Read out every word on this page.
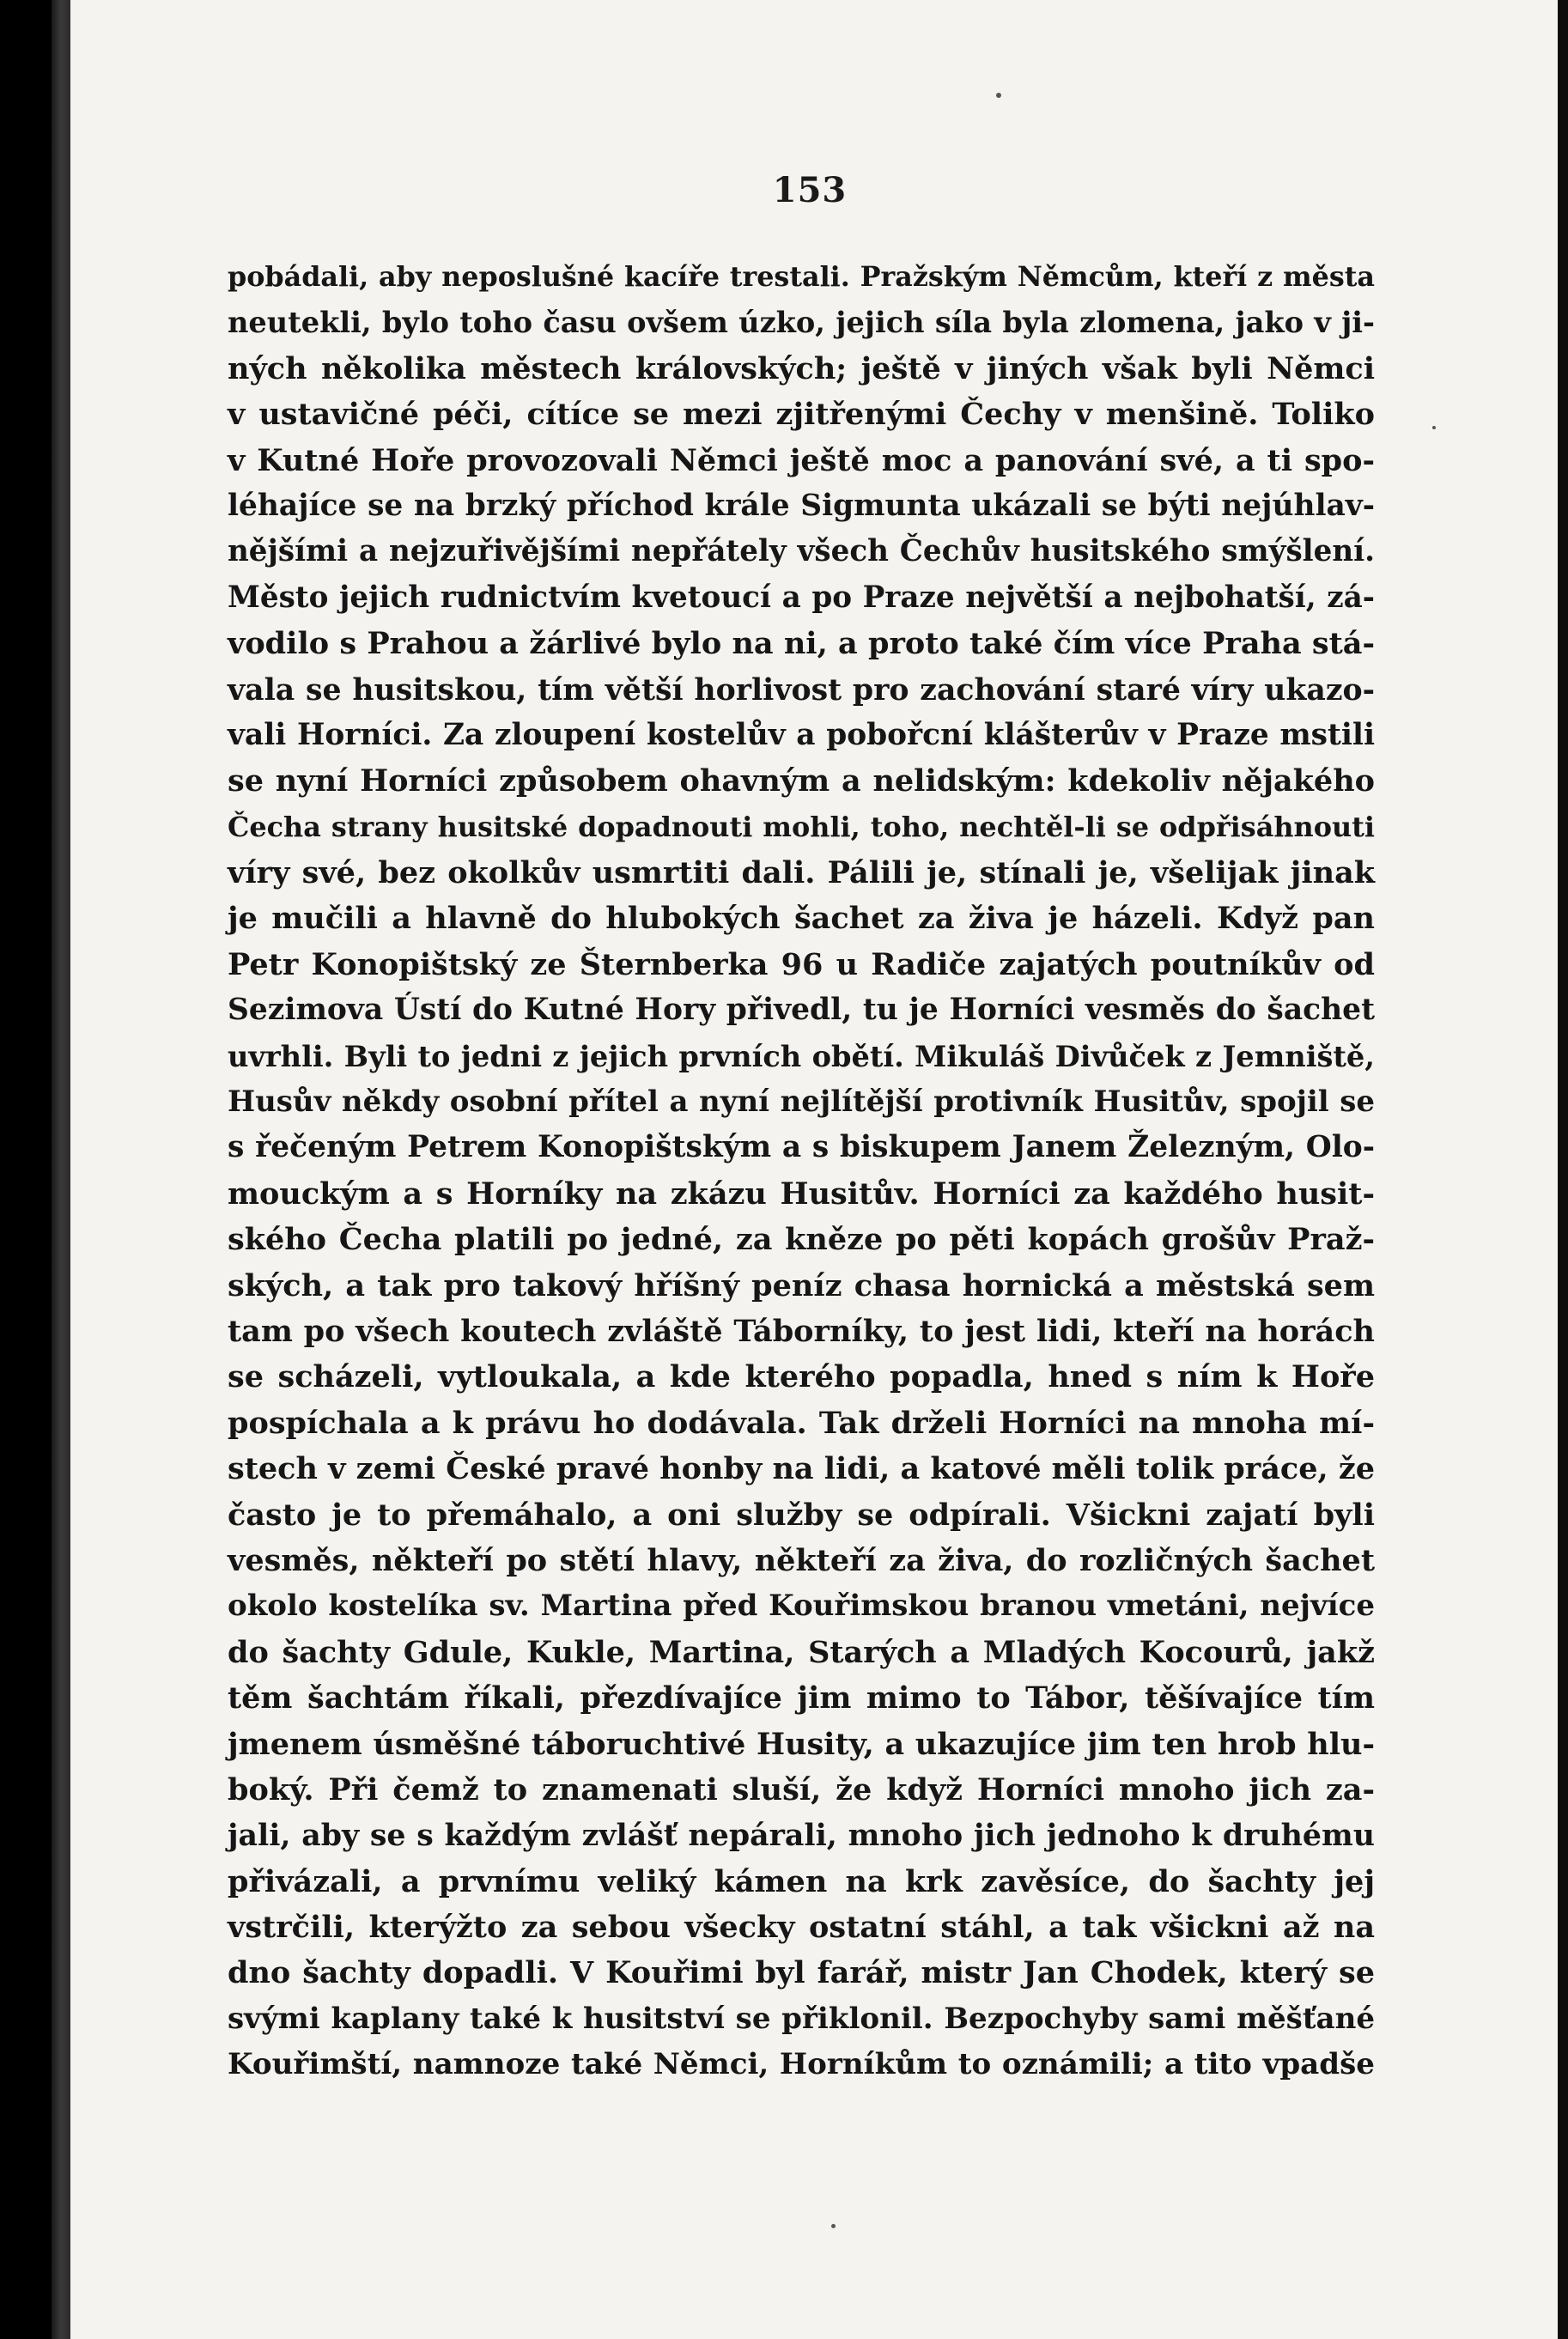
153
pobádali, aby neposlušné kacíře trestali. Pražským Němcům, kteří z města
neutekli, bylo toho času ovšem úzko, jejich síla byla zlomena, jako v ji-
ných několika městech královských; ještě v jiných však byli Němci
v ustavičné péči, cítíce se mezi zjitřenými Čechy v menšině. Toliko
v Kutné Hoře provozovali Němci ještě moc a panování své, a ti spo-
léhajíce se na brzký příchod krále Sigmunta ukázali se býti nejúhlav-
nějšími a nejzuřivějšími nepřátely všech Čechův husitského smýšlení.
Město jejich rudnictvím kvetoucí a po Praze největší a nejbohatší, zá-
vodilo s Prahou a žárlivé bylo na ni, a proto také čím více Praha stá-
vala se husitskou, tím větší horlivost pro zachování staré víry ukazo-
vali Horníci. Za zloupení kostelův a pobořcní klášterův v Praze mstili
se nyní Horníci způsobem ohavným a nelidským: kdekoliv nějakého
Čecha strany husitské dopadnouti mohli, toho, nechtěl-li se odpřisáhnouti
víry své, bez okolkův usmrtiti dali. Pálili je, stínali je, všelijak jinak
je mučili a hlavně do hlubokých šachet za živa je házeli. Když pan
Petr Konopištský ze Šternberka 96 u Radiče zajatých poutníkův od
Sezimova Ústí do Kutné Hory přivedl, tu je Horníci vesměs do šachet
uvrhli. Byli to jedni z jejich prvních obětí. Mikuláš Divůček z Jemniště,
Husův někdy osobní přítel a nyní nejlítější protivník Husitův, spojil se
s řečeným Petrem Konopištským a s biskupem Janem Železným, Olo-
mouckým a s Horníky na zkázu Husitův. Horníci za každého husit-
ského Čecha platili po jedné, za kněze po pěti kopách grošův Praž-
ských, a tak pro takový hříšný peníz chasa hornická a městská sem
tam po všech koutech zvláště Táborníky, to jest lidi, kteří na horách
se scházeli, vytloukala, a kde kterého popadla, hned s ním k Hoře
pospíchala a k právu ho dodávala. Tak drželi Horníci na mnoha mí-
stech v zemi České pravé honby na lidi, a katové měli tolik práce, že
často je to přemáhalo, a oni služby se odpírali. Všickni zajatí byli
vesměs, někteří po stětí hlavy, někteří za živa, do rozličných šachet
okolo kostelíka sv. Martina před Kouřimskou branou vmetáni, nejvíce
do šachty Gdule, Kukle, Martina, Starých a Mladých Kocourů, jakž
těm šachtám říkali, přezdívajíce jim mimo to Tábor, těšívajíce tím
jmenem úsměšné táboruchtivé Husity, a ukazujíce jim ten hrob hlu-
boký. Při čemž to znamenati sluší, že když Horníci mnoho jich za-
jali, aby se s každým zvlášť nepárali, mnoho jich jednoho k druhému
přivázali, a prvnímu veliký kámen na krk zavěsíce, do šachty jej
vstrčili, kterýžto za sebou všecky ostatní stáhl, a tak všickni až na
dno šachty dopadli. V Kouřimi byl farář, mistr Jan Chodek, který se
svými kaplany také k husitství se přiklonil. Bezpochyby sami měšťané
Kouřimští, namnoze také Němci, Horníkům to oznámili; a tito vpadše
